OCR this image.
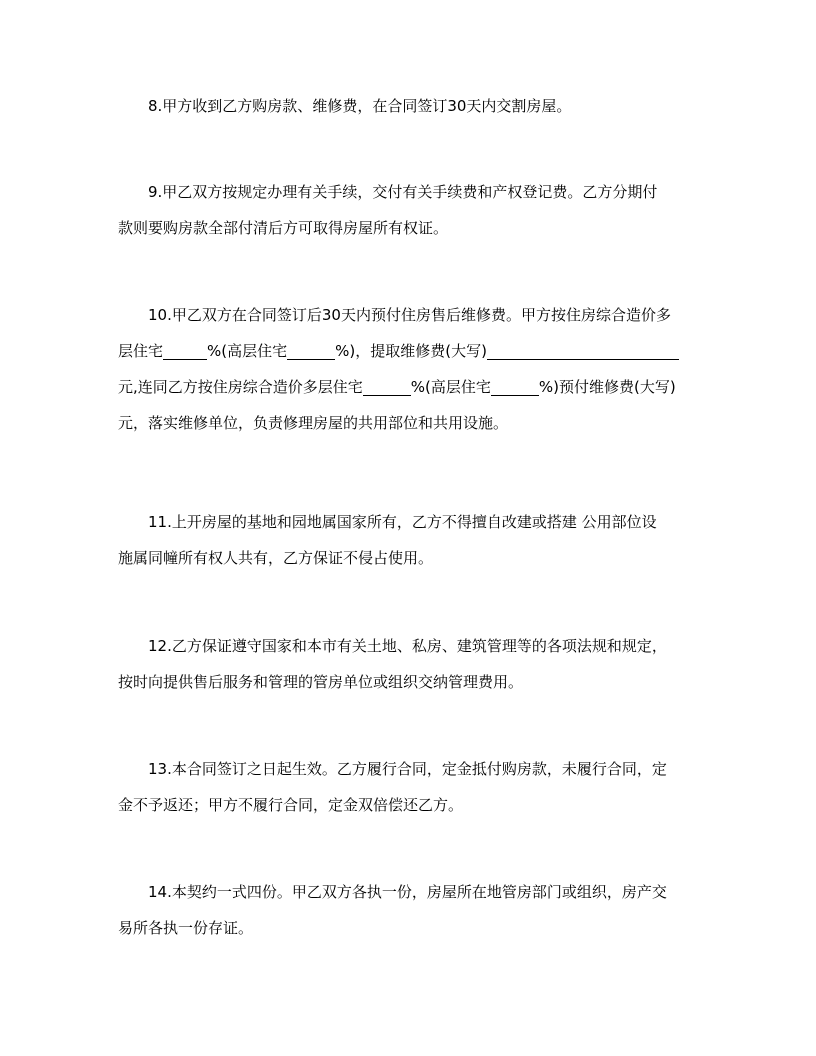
8.甲方收到乙方购房款、维修费，在合同签订30天内交割房屋。
9.甲乙双方按规定办理有关手续，交付有关手续费和产权登记费。乙方分期付
款则要购房款全部付清后方可取得房屋所有权证。
10.甲乙双方在合同签订后30天内预付住房售后维修费。甲方按住房综合造价多
层住宅	%(高层住宅	%)，提取维修费(大写)
元,连同乙方按住房综合造价多层住宅	%(高层住宅	%)预付维修费(大写)
元，落实维修单位，负责修理房屋的共用部位和共用设施。
11.上开房屋的基地和园地属国家所有，乙方不得擅自改建或搭建 公用部位设
施属同幢所有权人共有，乙方保证不侵占使用。
12.乙方保证遵守国家和本市有关土地、私房、建筑管理等的各项法规和规定，
按时向提供售后服务和管理的管房单位或组织交纳管理费用。
13.本合同签订之日起生效。乙方履行合同，定金抵付购房款，未履行合同，定
金不予返还；甲方不履行合同，定金双倍偿还乙方。
14.本契约一式四份。甲乙双方各执一份，房屋所在地管房部门或组织，房产交
易所各执一份存证。
